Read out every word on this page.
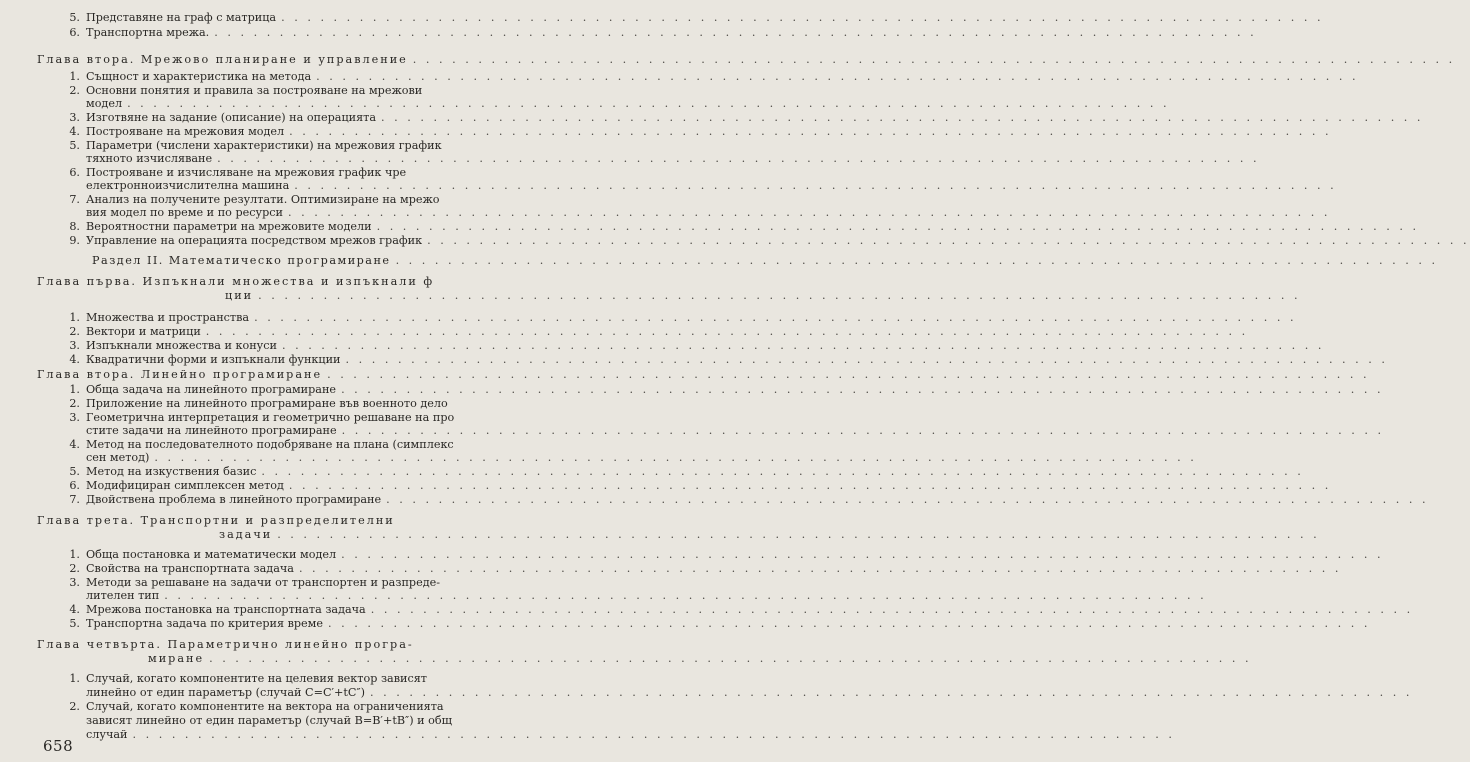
5. Представяне на граф с матрица . . . . . . . . . . . . . . . . . . . . . . . . . . . . . . . . . . . . . . . . . . . . . . . . . . . . . . . . . . . . . . . . . . . . . . . . . . . . . . . .
6. Транспортна мрежа. . . . . . . . . . . . . . . . . . . . . . . . . . . . . . . . . . . . . . . . . . . . . . . . . . . . . . . . . . . . . . . . . . . . . . . . . . . . . . . . .
Глава втора. Мрежово планиране и управление . . . . . . . . . . . . . . . . . . . . . . . . . . . . . . . . . . . . . . . . . . . . . . . . . . . . . . . . . . . . . . . . . . . . . . . . . . . . . . . .
1. Същност и характеристика на метода . . . . . . . . . . . . . . . . . . . . . . . . . . . . . . . . . . . . . . . . . . . . . . . . . . . . . . . . . . . . . . . . . . . . . . . . . . . . . . . .
2. Основни понятия и правила за построяване на мрежови
модел . . . . . . . . . . . . . . . . . . . . . . . . . . . . . . . . . . . . . . . . . . . . . . . . . . . . . . . . . . . . . . . . . . . . . . . . . . . . . . . .
3. Изготвяне на задание (описание) на операцията . . . . . . . . . . . . . . . . . . . . . . . . . . . . . . . . . . . . . . . . . . . . . . . . . . . . . . . . . . . . . . . . . . . . . . . . . . . . . . . .
4. Построяване на мрежовия модел . . . . . . . . . . . . . . . . . . . . . . . . . . . . . . . . . . . . . . . . . . . . . . . . . . . . . . . . . . . . . . . . . . . . . . . . . . . . . . . .
5. Параметри (числени характеристики) на мрежовия график
тяхното изчисляване . . . . . . . . . . . . . . . . . . . . . . . . . . . . . . . . . . . . . . . . . . . . . . . . . . . . . . . . . . . . . . . . . . . . . . . . . . . . . . . .
6. Построяване и изчисляване на мрежовия график чре
електронноизчислителна машина . . . . . . . . . . . . . . . . . . . . . . . . . . . . . . . . . . . . . . . . . . . . . . . . . . . . . . . . . . . . . . . . . . . . . . . . . . . . . . . .
7. Анализ на получените резултати. Оптимизиране на мрежо
вия модел по време и по ресурси . . . . . . . . . . . . . . . . . . . . . . . . . . . . . . . . . . . . . . . . . . . . . . . . . . . . . . . . . . . . . . . . . . . . . . . . . . . . . . . .
8. Вероятностни параметри на мрежовите модели . . . . . . . . . . . . . . . . . . . . . . . . . . . . . . . . . . . . . . . . . . . . . . . . . . . . . . . . . . . . . . . . . . . . . . . . . . . . . . . .
9. Управление на операцията посредством мрежов график . . . . . . . . . . . . . . . . . . . . . . . . . . . . . . . . . . . . . . . . . . . . . . . . . . . . . . . . . . . . . . . . . . . . . . . . . . . . . . . .
Раздел II. Математическо програмиране . . . . . . . . . . . . . . . . . . . . . . . . . . . . . . . . . . . . . . . . . . . . . . . . . . . . . . . . . . . . . . . . . . . . . . . . . . . . . . . .
Глава първа. Изпъкнали множества и изпъкнали ф
ции . . . . . . . . . . . . . . . . . . . . . . . . . . . . . . . . . . . . . . . . . . . . . . . . . . . . . . . . . . . . . . . . . . . . . . . . . . . . . . . .
1. Множества и пространства . . . . . . . . . . . . . . . . . . . . . . . . . . . . . . . . . . . . . . . . . . . . . . . . . . . . . . . . . . . . . . . . . . . . . . . . . . . . . . . .
2. Вектори и матрици . . . . . . . . . . . . . . . . . . . . . . . . . . . . . . . . . . . . . . . . . . . . . . . . . . . . . . . . . . . . . . . . . . . . . . . . . . . . . . . .
3. Изпъкнали множества и конуси . . . . . . . . . . . . . . . . . . . . . . . . . . . . . . . . . . . . . . . . . . . . . . . . . . . . . . . . . . . . . . . . . . . . . . . . . . . . . . . .
4. Квадратични форми и изпъкнали функции . . . . . . . . . . . . . . . . . . . . . . . . . . . . . . . . . . . . . . . . . . . . . . . . . . . . . . . . . . . . . . . . . . . . . . . . . . . . . . . .
Глава втора. Линейно програмиране . . . . . . . . . . . . . . . . . . . . . . . . . . . . . . . . . . . . . . . . . . . . . . . . . . . . . . . . . . . . . . . . . . . . . . . . . . . . . . . .
1. Обща задача на линейното програмиране . . . . . . . . . . . . . . . . . . . . . . . . . . . . . . . . . . . . . . . . . . . . . . . . . . . . . . . . . . . . . . . . . . . . . . . . . . . . . . . .
2. Приложение на линейното програмиране във военното дело
3. Геометрична интерпретация и геометрично решаване на про
стите задачи на линейното програмиране . . . . . . . . . . . . . . . . . . . . . . . . . . . . . . . . . . . . . . . . . . . . . . . . . . . . . . . . . . . . . . . . . . . . . . . . . . . . . . . .
4. Метод на последователното подобряване на плана (симплекс
сен метод) . . . . . . . . . . . . . . . . . . . . . . . . . . . . . . . . . . . . . . . . . . . . . . . . . . . . . . . . . . . . . . . . . . . . . . . . . . . . . . . .
5. Метод на изкуствения базис . . . . . . . . . . . . . . . . . . . . . . . . . . . . . . . . . . . . . . . . . . . . . . . . . . . . . . . . . . . . . . . . . . . . . . . . . . . . . . . .
6. Модифициран симплексен метод . . . . . . . . . . . . . . . . . . . . . . . . . . . . . . . . . . . . . . . . . . . . . . . . . . . . . . . . . . . . . . . . . . . . . . . . . . . . . . . .
7. Двойствена проблема в линейното програмиране . . . . . . . . . . . . . . . . . . . . . . . . . . . . . . . . . . . . . . . . . . . . . . . . . . . . . . . . . . . . . . . . . . . . . . . . . . . . . . . .
Глава трета. Транспортни и разпределителни
задачи . . . . . . . . . . . . . . . . . . . . . . . . . . . . . . . . . . . . . . . . . . . . . . . . . . . . . . . . . . . . . . . . . . . . . . . . . . . . . . . .
1. Обща постановка и математически модел . . . . . . . . . . . . . . . . . . . . . . . . . . . . . . . . . . . . . . . . . . . . . . . . . . . . . . . . . . . . . . . . . . . . . . . . . . . . . . . .
2. Свойства на транспортната задача . . . . . . . . . . . . . . . . . . . . . . . . . . . . . . . . . . . . . . . . . . . . . . . . . . . . . . . . . . . . . . . . . . . . . . . . . . . . . . . .
3. Методи за решаване на задачи от транспортен и разпреде-
лителен тип . . . . . . . . . . . . . . . . . . . . . . . . . . . . . . . . . . . . . . . . . . . . . . . . . . . . . . . . . . . . . . . . . . . . . . . . . . . . . . . .
4. Мрежова постановка на транспортната задача . . . . . . . . . . . . . . . . . . . . . . . . . . . . . . . . . . . . . . . . . . . . . . . . . . . . . . . . . . . . . . . . . . . . . . . . . . . . . . . .
5. Транспортна задача по критерия време . . . . . . . . . . . . . . . . . . . . . . . . . . . . . . . . . . . . . . . . . . . . . . . . . . . . . . . . . . . . . . . . . . . . . . . . . . . . . . . .
Глава четвърта. Параметрично линейно програ-
миране . . . . . . . . . . . . . . . . . . . . . . . . . . . . . . . . . . . . . . . . . . . . . . . . . . . . . . . . . . . . . . . . . . . . . . . . . . . . . . . .
1. Случай, когато компонентите на целевия вектор зависят
линейно от един параметър (случай C=C′+tC″) . . . . . . . . . . . . . . . . . . . . . . . . . . . . . . . . . . . . . . . . . . . . . . . . . . . . . . . . . . . . . . . . . . . . . . . . . . . . . . . .
2. Случай, когато компонентите на вектора на ограниченията
зависят линейно от един параметър (случай B=B′+tB″) и общ
случай . . . . . . . . . . . . . . . . . . . . . . . . . . . . . . . . . . . . . . . . . . . . . . . . . . . . . . . . . . . . . . . . . . . . . . . . . . . . . . . .
658
